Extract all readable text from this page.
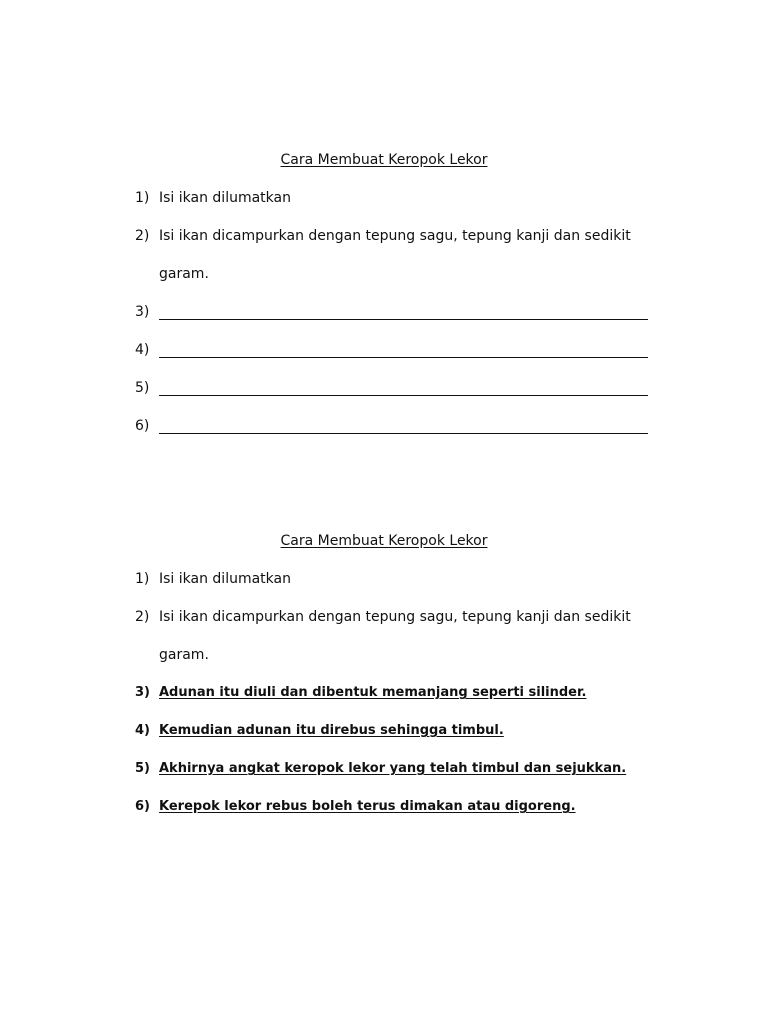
Cara Membuat Keropok Lekor
1) Isi ikan dilumatkan
2) Isi ikan dicampurkan dengan tepung sagu, tepung kanji dan sedikit
garam.
3)
4)
5)
6)
Cara Membuat Keropok Lekor
1) Isi ikan dilumatkan
2) Isi ikan dicampurkan dengan tepung sagu, tepung kanji dan sedikit
garam.
3) Adunan itu diuli dan dibentuk memanjang seperti silinder.
4) Kemudian adunan itu direbus sehingga timbul.
5) Akhirnya angkat keropok lekor yang telah timbul dan sejukkan.
6) Kerepok lekor rebus boleh terus dimakan atau digoreng.
